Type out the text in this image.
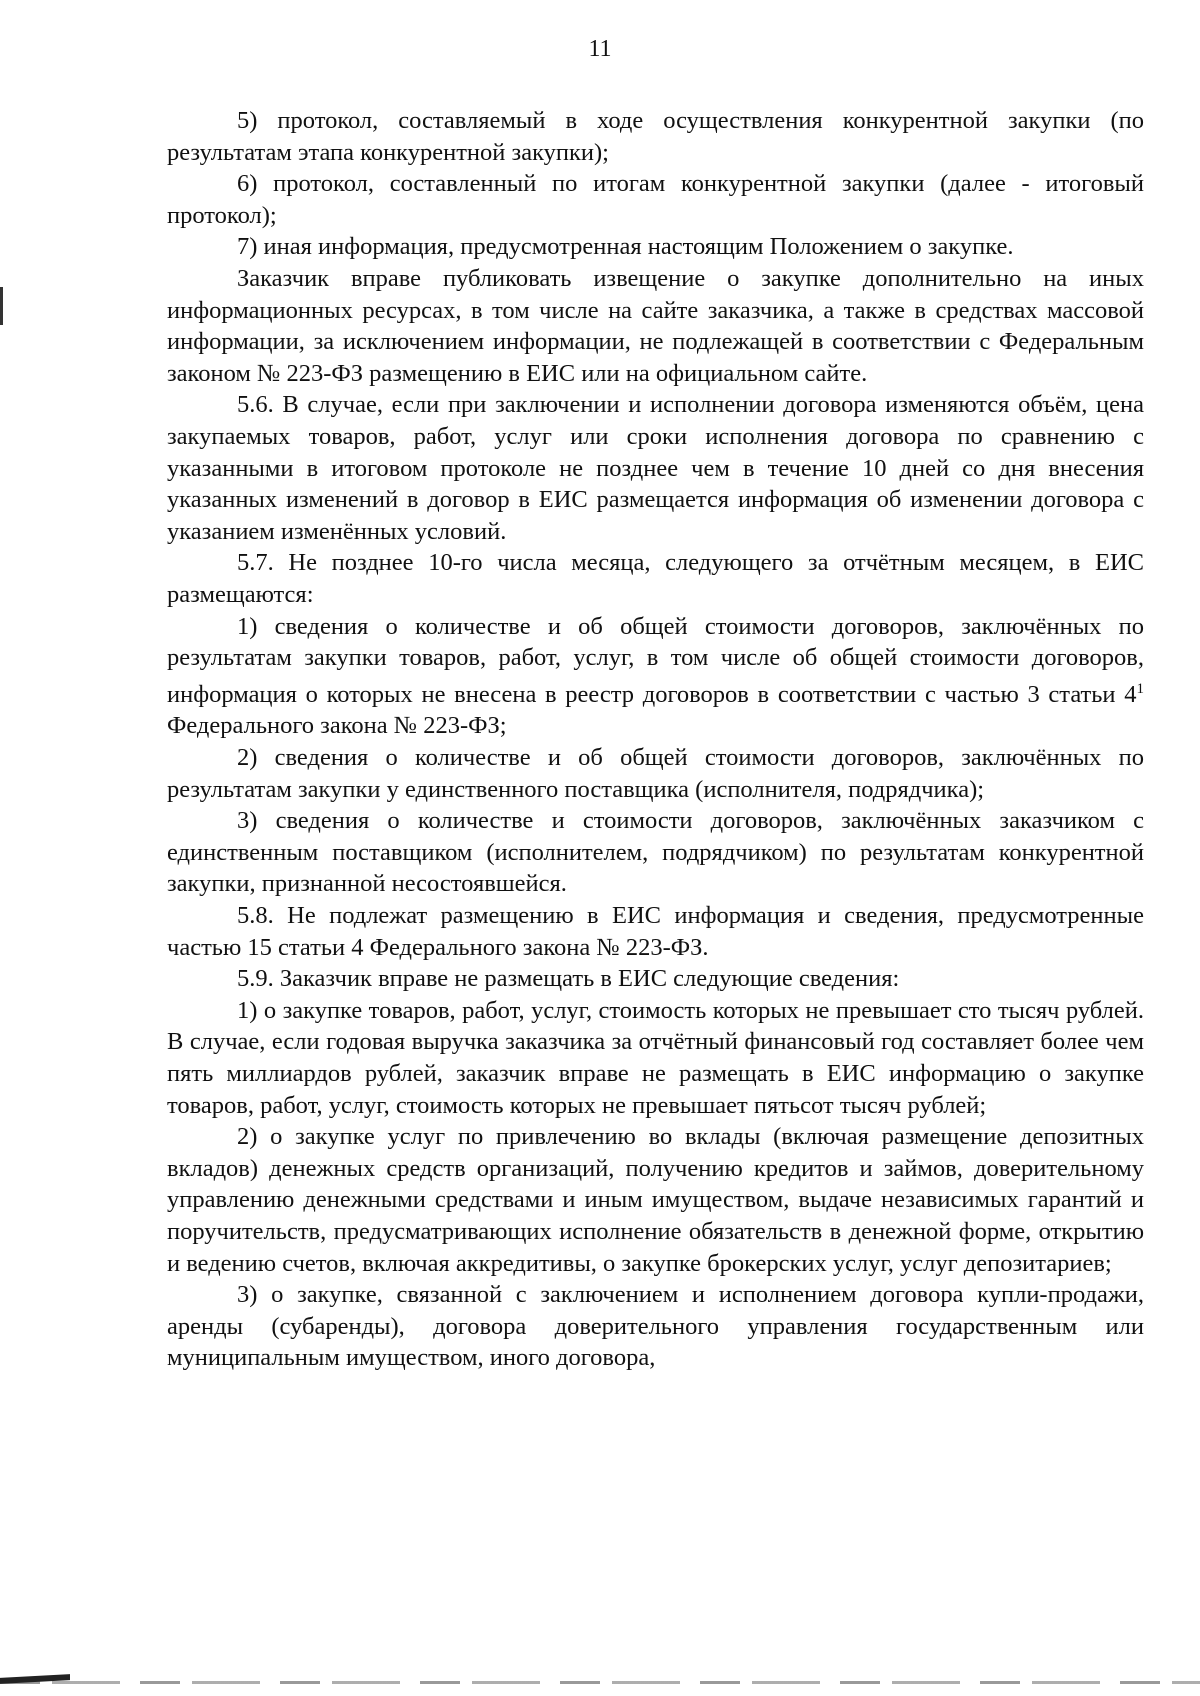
11

5) протокол, составляемый в ходе осуществления конкурентной закупки (по результатам этапа конкурентной закупки);

6) протокол, составленный по итогам конкурентной закупки (далее - итоговый протокол);

7) иная информация, предусмотренная настоящим Положением о закупке.

Заказчик вправе публиковать извещение о закупке дополнительно на иных информационных ресурсах, в том числе на сайте заказчика, а также в средствах массовой информации, за исключением информации, не подлежащей в соответствии с Федеральным законом № 223-ФЗ размещению в ЕИС или на официальном сайте.

5.6. В случае, если при заключении и исполнении договора изменяются объём, цена закупаемых товаров, работ, услуг или сроки исполнения договора по сравнению с указанными в итоговом протоколе не позднее чем в течение 10 дней со дня внесения указанных изменений в договор в ЕИС размещается информация об изменении договора с указанием изменённых условий.

5.7. Не позднее 10-го числа месяца, следующего за отчётным месяцем, в ЕИС размещаются:

1) сведения о количестве и об общей стоимости договоров, заключённых по результатам закупки товаров, работ, услуг, в том числе об общей стоимости договоров, информация о которых не внесена в реестр договоров в соответствии с частью 3 статьи $4^1$ Федерального закона № 223-ФЗ;

2) сведения о количестве и об общей стоимости договоров, заключённых по результатам закупки у единственного поставщика (исполнителя, подрядчика);

3) сведения о количестве и стоимости договоров, заключённых заказчиком с единственным поставщиком (исполнителем, подрядчиком) по результатам конкурентной закупки, признанной несостоявшейся.

5.8. Не подлежат размещению в ЕИС информация и сведения, предусмотренные частью 15 статьи 4 Федерального закона № 223-ФЗ.

5.9. Заказчик вправе не размещать в ЕИС следующие сведения:

1) о закупке товаров, работ, услуг, стоимость которых не превышает сто тысяч рублей. В случае, если годовая выручка заказчика за отчётный финансовый год составляет более чем пять миллиардов рублей, заказчик вправе не размещать в ЕИС информацию о закупке товаров, работ, услуг, стоимость которых не превышает пятьсот тысяч рублей;

2) о закупке услуг по привлечению во вклады (включая размещение депозитных вкладов) денежных средств организаций, получению кредитов и займов, доверительному управлению денежными средствами и иным имуществом, выдаче независимых гарантий и поручительств, предусматривающих исполнение обязательств в денежной форме, открытию и ведению счетов, включая аккредитивы, о закупке брокерских услуг, услуг депозитариев;

3) о закупке, связанной с заключением и исполнением договора купли-продажи, аренды (субаренды), договора доверительного управления государственным или муниципальным имуществом, иного договора,
